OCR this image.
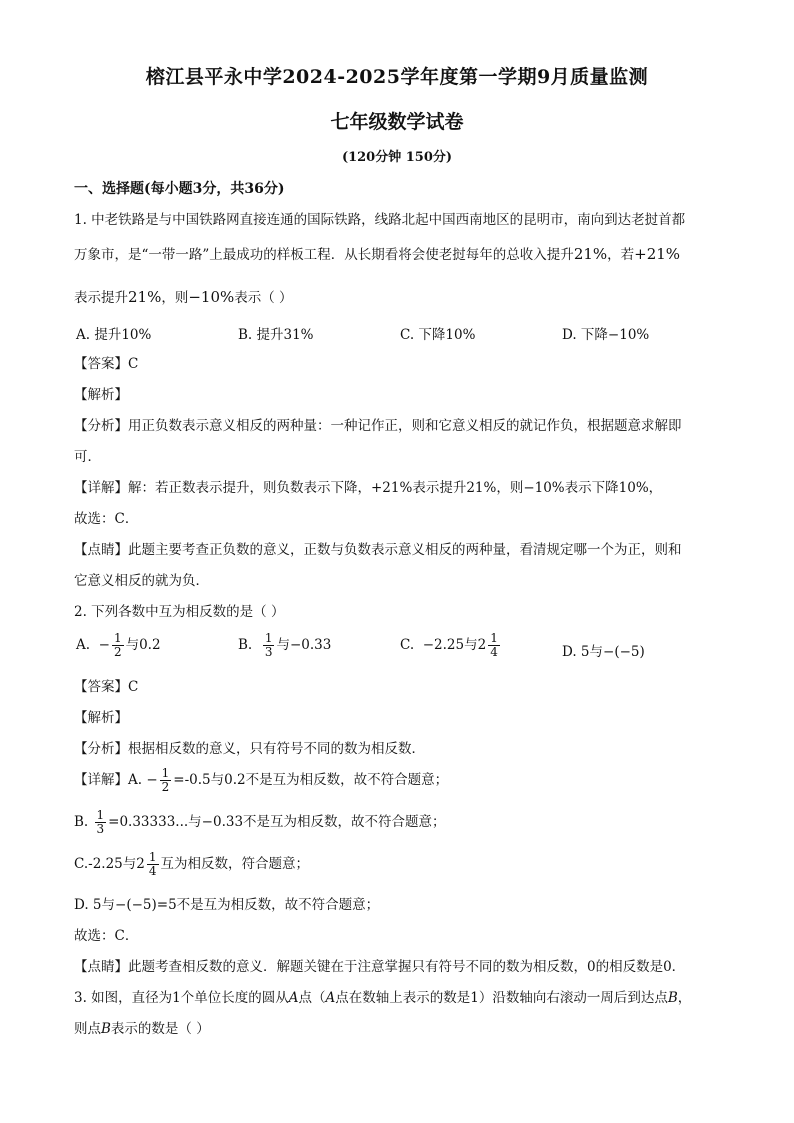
榕江县平永中学2024-2025学年度第一学期9月质量监测
七年级数学试卷
(120分钟 150分)
一、选择题(每小题3分，共36分)
1. 中老铁路是与中国铁路网直接连通的国际铁路，线路北起中国西南地区的昆明市，南向到达老挝首都
万象市，是“一带一路”上最成功的样板工程．从长期看将会使老挝每年的总收入提升21%，若+21%
表示提升21%，则−10%表示（ ）
A. 提升10%	B. 提升31%	C. 下降10%	D. 下降−10%
【答案】C
【解析】
【分析】用正负数表示意义相反的两种量：一种记作正，则和它意义相反的就记作负，根据题意求解即
可．
【详解】解：若正数表示提升，则负数表示下降，+21%表示提升21%，则−10%表示下降10%，
故选：C．
【点睛】此题主要考查正负数的意义，正数与负数表示意义相反的两种量，看清规定哪一个为正，则和
它意义相反的就为负．
2. 下列各数中互为相反数的是（ ）
A. − $\frac{1}{2}$ 与0.2	B. $\frac{1}{3}$ 与−0.33	C. −2.25与$2 \frac{1}{4}$	D. 5与−(−5)
【答案】C
【解析】
【分析】根据相反数的意义，只有符号不同的数为相反数．
【详解】A. − $\frac{1}{2} =-0.5$与0.2不是互为相反数，故不符合题意；
B. $\frac{1}{3} =0.33333$...与−0.33不是互为相反数，故不符合题意；
C.-2.25与$2 \frac{1}{4}$ 互为相反数，符合题意；
D. 5与−(−5)=5不是互为相反数，故不符合题意；
故选：C．
【点睛】此题考查相反数的意义．解题关键在于注意掌握只有符号不同的数为相反数，0的相反数是0．
3. 如图，直径为1个单位长度的圆从A点（A点在数轴上表示的数是1）沿数轴向右滚动一周后到达点B，
则点B表示的数是（ ）
